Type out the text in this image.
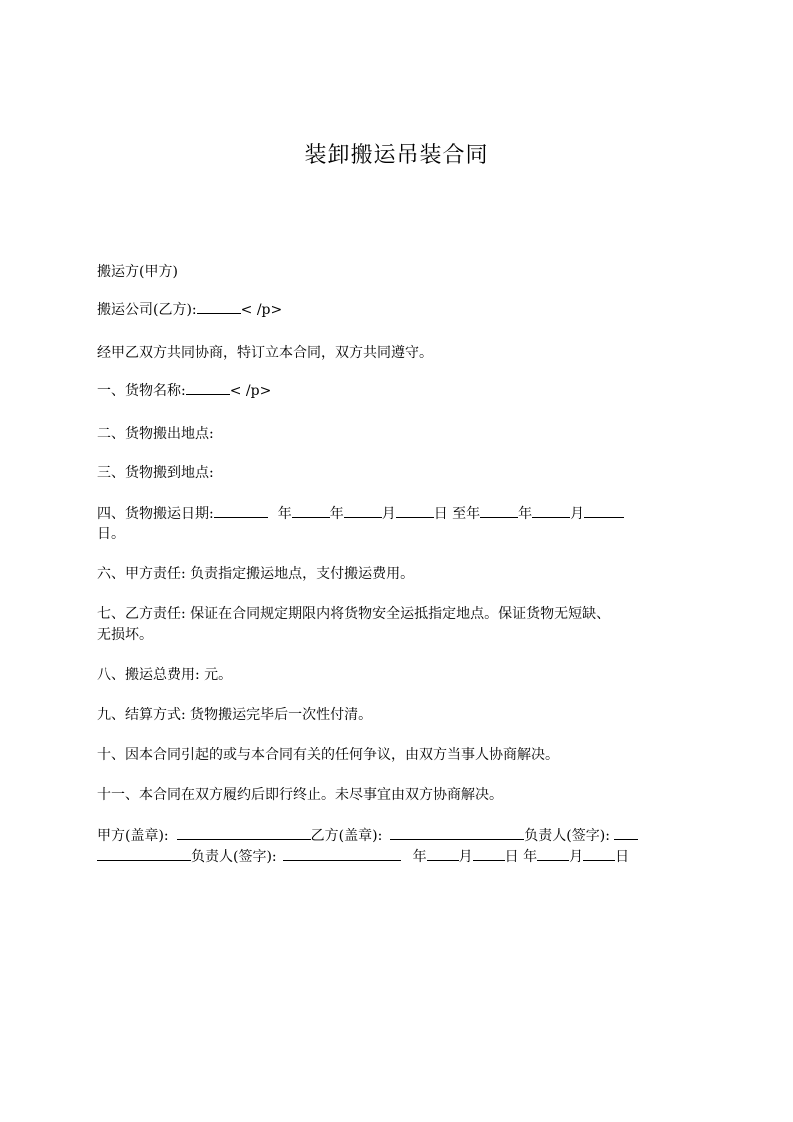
装卸搬运吊装合同
搬运方(甲方)
搬运公司(乙方):	< /p>
经甲乙双方共同协商，特订立本合同，双方共同遵守。
一、货物名称:	< /p>
二、货物搬出地点:
三、货物搬到地点:
四、货物搬运日期:	年	年	月	日 至年	年	月
日。
六、甲方责任: 负责指定搬运地点，支付搬运费用。
七、乙方责任: 保证在合同规定期限内将货物安全运抵指定地点。保证货物无短缺、
无损坏。
八、搬运总费用: 元。
九、结算方式: 货物搬运完毕后一次性付清。
十、因本合同引起的或与本合同有关的任何争议，由双方当事人协商解决。
十一、本合同在双方履约后即行终止。未尽事宜由双方协商解决。
甲方(盖章):	乙方(盖章):	负责人(签字):
负责人(签字):	年 月 日 年 月 日
